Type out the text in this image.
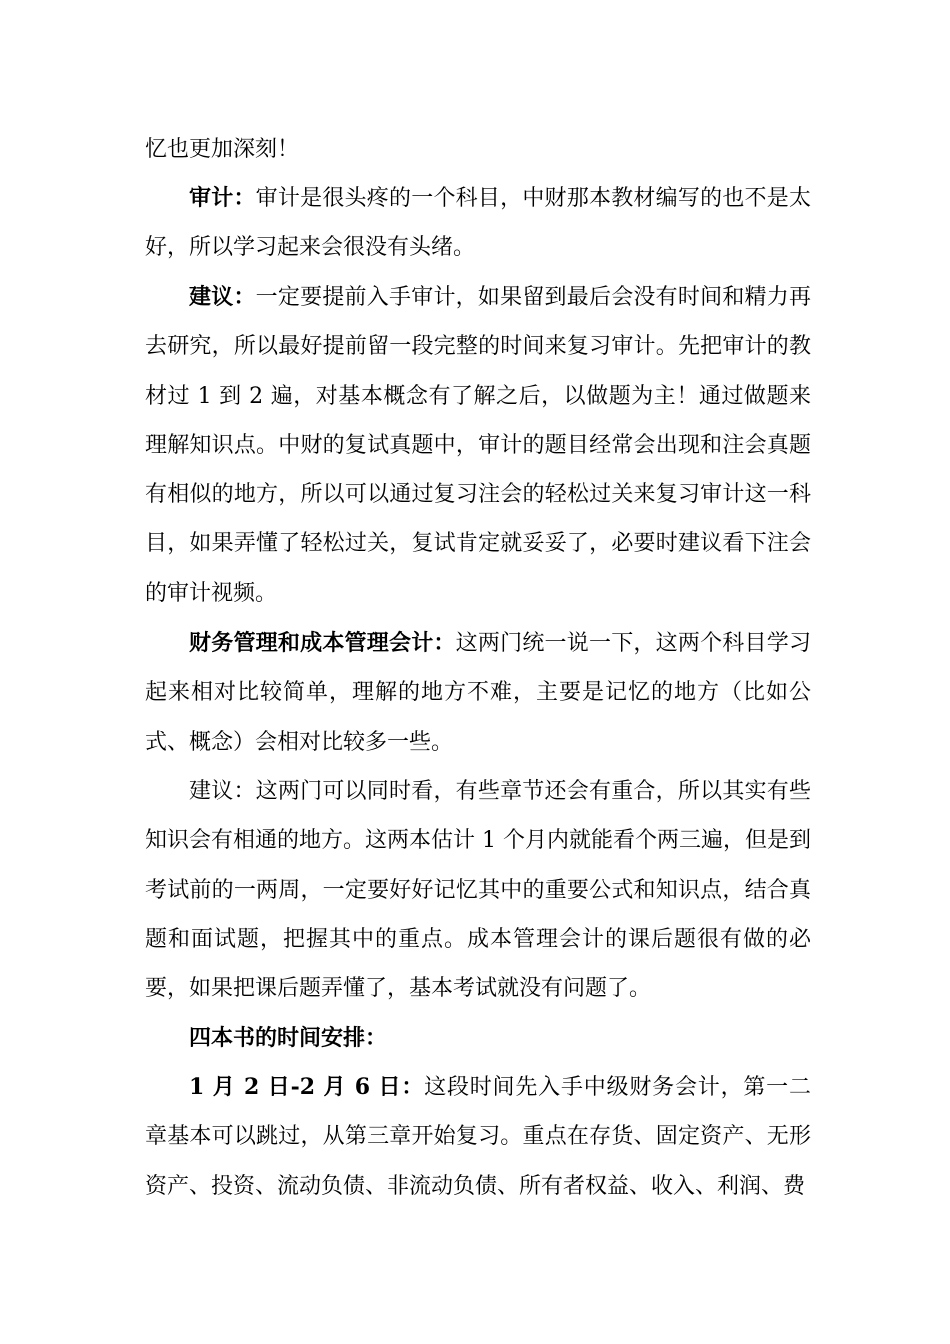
忆也更加深刻！

审计：审计是很头疼的一个科目，中财那本教材编写的也不是太好，所以学习起来会很没有头绪。

建议：一定要提前入手审计，如果留到最后会没有时间和精力再去研究，所以最好提前留一段完整的时间来复习审计。先把审计的教材过 1 到 2 遍，对基本概念有了解之后，以做题为主！通过做题来理解知识点。中财的复试真题中，审计的题目经常会出现和注会真题有相似的地方，所以可以通过复习注会的轻松过关来复习审计这一科目，如果弄懂了轻松过关，复试肯定就妥妥了，必要时建议看下注会的审计视频。

财务管理和成本管理会计：这两门统一说一下，这两个科目学习起来相对比较简单，理解的地方不难，主要是记忆的地方（比如公式、概念）会相对比较多一些。

建议：这两门可以同时看，有些章节还会有重合，所以其实有些知识会有相通的地方。这两本估计 1 个月内就能看个两三遍，但是到考试前的一两周，一定要好好记忆其中的重要公式和知识点，结合真题和面试题，把握其中的重点。成本管理会计的课后题很有做的必要，如果把课后题弄懂了，基本考试就没有问题了。

四本书的时间安排：

1 月 2 日-2 月 6 日：这段时间先入手中级财务会计，第一二章基本可以跳过，从第三章开始复习。重点在存货、固定资产、无形资产、投资、流动负债、非流动负债、所有者权益、收入、利润、费
